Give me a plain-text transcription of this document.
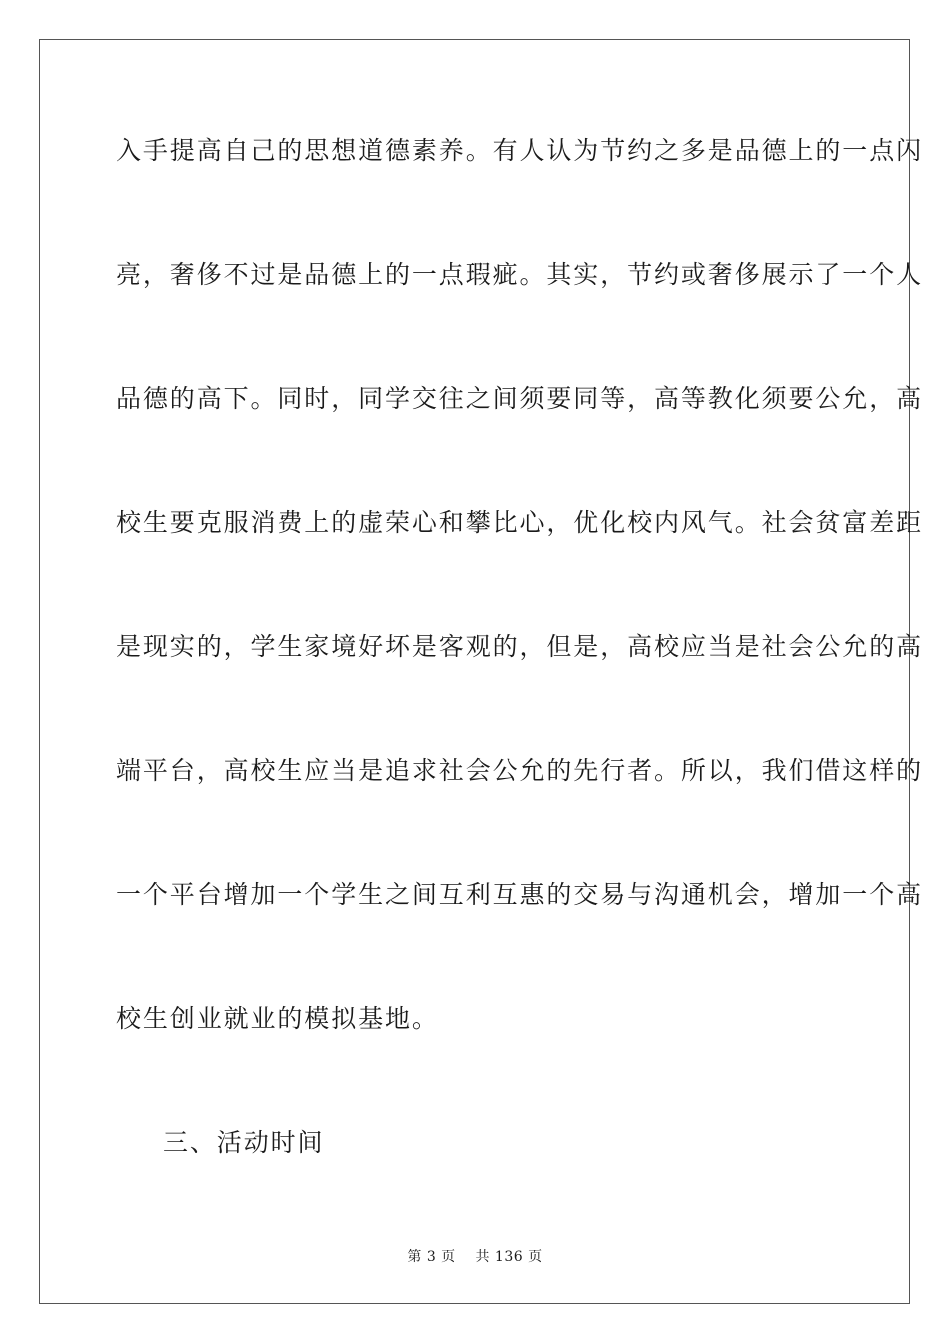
入手提高自己的思想道德素养。有人认为节约之多是品德上的一点闪
亮，奢侈不过是品德上的一点瑕疵。其实，节约或奢侈展示了一个人
品德的高下。同时，同学交往之间须要同等，高等教化须要公允，高
校生要克服消费上的虚荣心和攀比心，优化校内风气。社会贫富差距
是现实的，学生家境好坏是客观的，但是，高校应当是社会公允的高
端平台，高校生应当是追求社会公允的先行者。所以，我们借这样的
一个平台增加一个学生之间互利互惠的交易与沟通机会，增加一个高
校生创业就业的模拟基地。
三、活动时间
第 3 页    共 136 页
